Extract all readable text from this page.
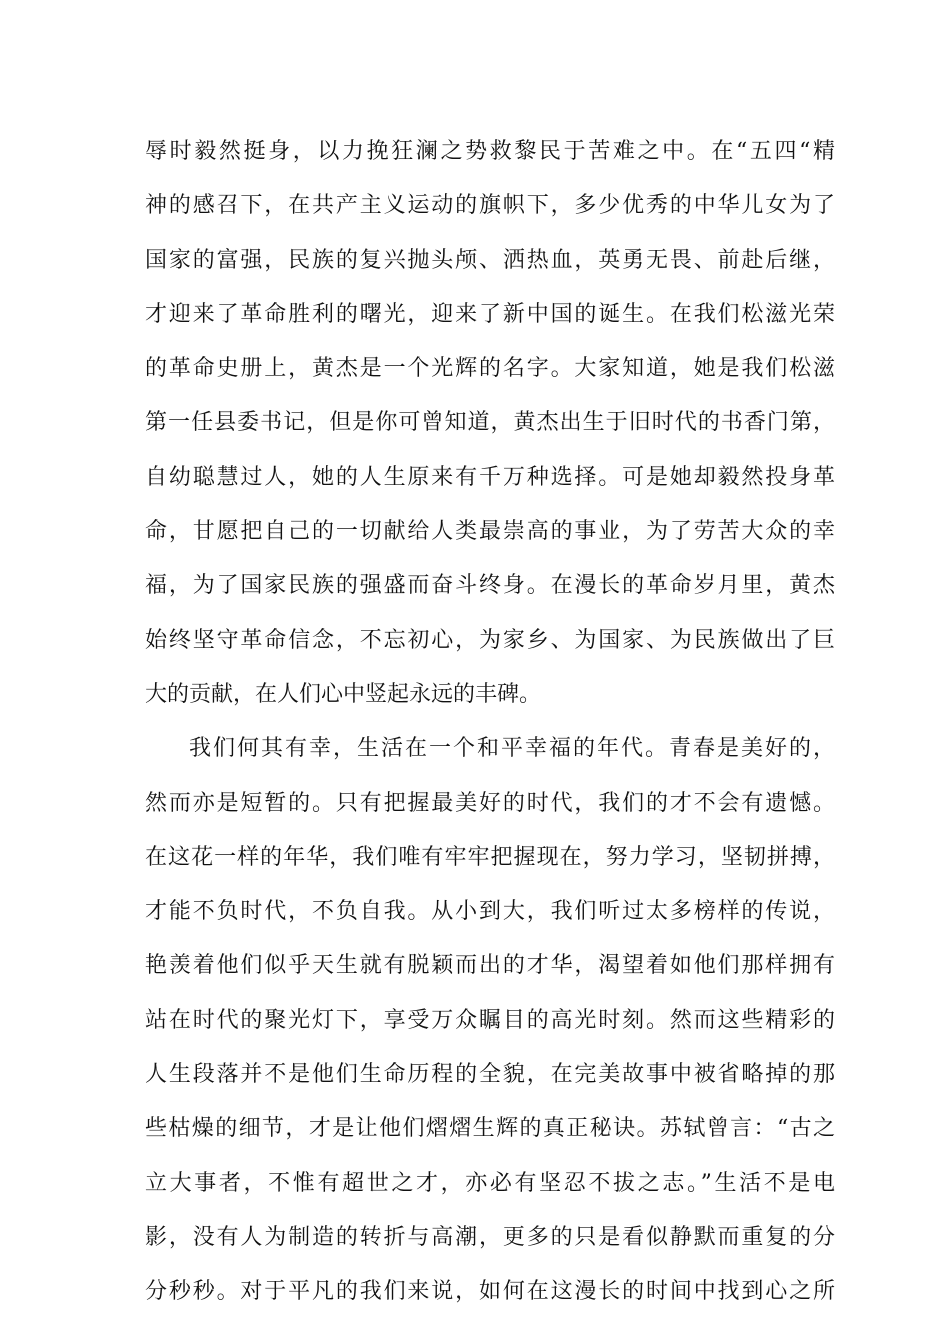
辱时毅然挺身，以力挽狂澜之势救黎民于苦难之中。在“五四“精
神的感召下，在共产主义运动的旗帜下，多少优秀的中华儿女为了
国家的富强，民族的复兴抛头颅、洒热血，英勇无畏、前赴后继，
才迎来了革命胜利的曙光，迎来了新中国的诞生。在我们松滋光荣
的革命史册上，黄杰是一个光辉的名字。大家知道，她是我们松滋
第一任县委书记，但是你可曾知道，黄杰出生于旧时代的书香门第，
自幼聪慧过人，她的人生原来有千万种选择。可是她却毅然投身革
命，甘愿把自己的一切献给人类最崇高的事业，为了劳苦大众的幸
福，为了国家民族的强盛而奋斗终身。在漫长的革命岁月里，黄杰
始终坚守革命信念，不忘初心，为家乡、为国家、为民族做出了巨
大的贡献，在人们心中竖起永远的丰碑。
我们何其有幸，生活在一个和平幸福的年代。青春是美好的，
然而亦是短暂的。只有把握最美好的时代，我们的才不会有遗憾。
在这花一样的年华，我们唯有牢牢把握现在，努力学习，坚韧拼搏，
才能不负时代，不负自我。从小到大，我们听过太多榜样的传说，
艳羡着他们似乎天生就有脱颖而出的才华，渴望着如他们那样拥有
站在时代的聚光灯下，享受万众瞩目的高光时刻。然而这些精彩的
人生段落并不是他们生命历程的全貌，在完美故事中被省略掉的那
些枯燥的细节，才是让他们熠熠生辉的真正秘诀。苏轼曾言：“古之
立大事者，不惟有超世之才，亦必有坚忍不拔之志。”生活不是电
影，没有人为制造的转折与高潮，更多的只是看似静默而重复的分
分秒秒。对于平凡的我们来说，如何在这漫长的时间中找到心之所
